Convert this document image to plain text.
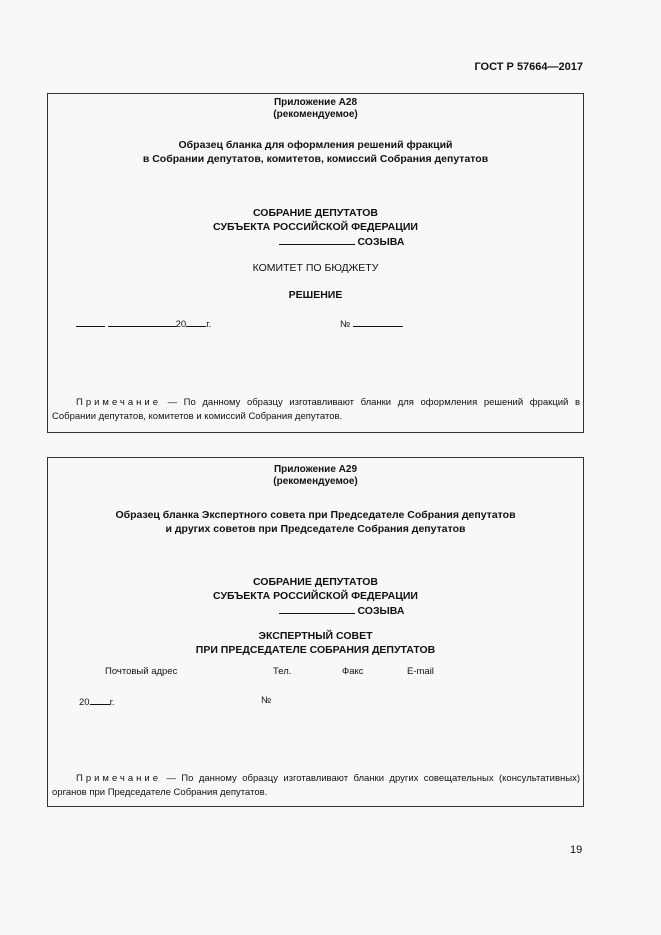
ГОСТ Р 57664—2017
Приложение А28
(рекомендуемое)
Образец бланка для оформления решений фракций
в Собрании депутатов, комитетов, комиссий Собрания депутатов
СОБРАНИЕ ДЕПУТАТОВ
СУБЪЕКТА РОССИЙСКОЙ ФЕДЕРАЦИИ
СОЗЫВА
КОМИТЕТ ПО БЮДЖЕТУ
РЕШЕНИЕ
20 г.	№
Примечание — По данному образцу изготавливают бланки для оформления решений фракций в Собрании депутатов, комитетов и комиссий Собрания депутатов.
Приложение А29
(рекомендуемое)
Образец бланка Экспертного совета при Председателе Собрания депутатов
и других советов при Председателе Собрания депутатов
СОБРАНИЕ ДЕПУТАТОВ
СУБЪЕКТА РОССИЙСКОЙ ФЕДЕРАЦИИ
СОЗЫВА
ЭКСПЕРТНЫЙ СОВЕТ
ПРИ ПРЕДСЕДАТЕЛЕ СОБРАНИЯ ДЕПУТАТОВ
Почтовый адрес	Тел.	Факс	E-mail
20 г.	№
Примечание — По данному образцу изготавливают бланки других совещательных (консультативных) органов при Председателе Собрания депутатов.
19
